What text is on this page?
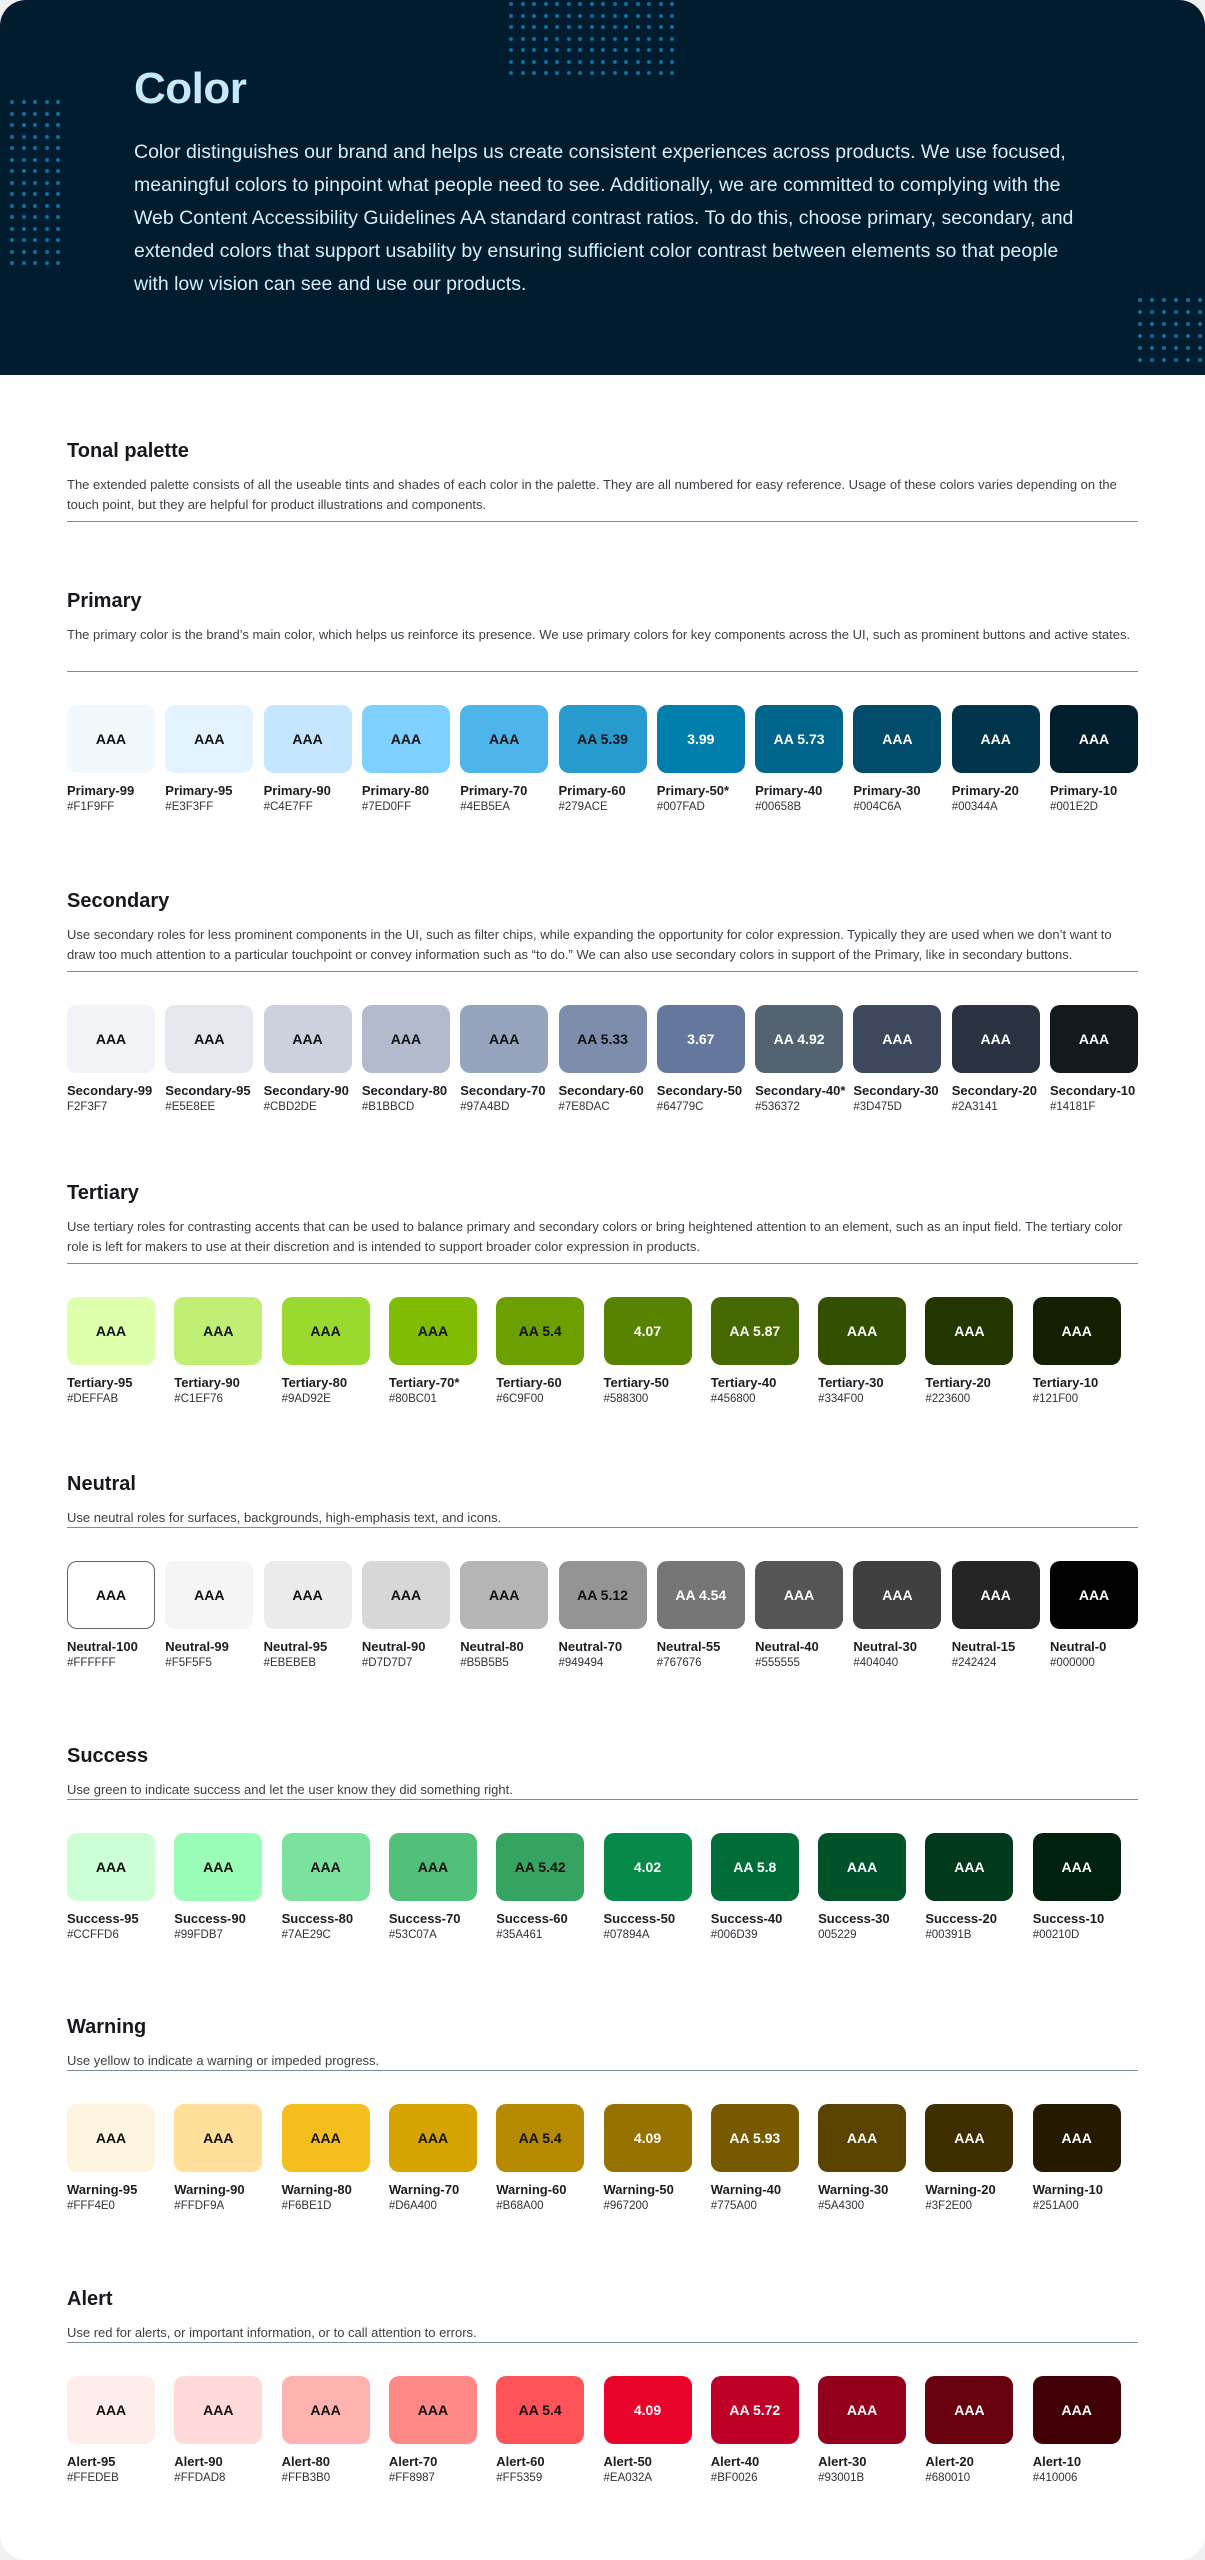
Color

Color distinguishes our brand and helps us create consistent experiences across products. We use focused, meaningful colors to pinpoint what people need to see. Additionally, we are committed to complying with the Web Content Accessibility Guidelines AA standard contrast ratios. To do this, choose primary, secondary, and extended colors that support usability by ensuring sufficient color contrast between elements so that people with low vision can see and use our products.

Tonal palette

The extended palette consists of all the useable tints and shades of each color in the palette. They are all numbered for easy reference. Usage of these colors varies depending on the touch point, but they are helpful for product illustrations and components.

Primary

The primary color is the brand’s main color, which helps us reinforce its presence. We use primary colors for key components across the UI, such as prominent buttons and active states.

AAA
Primary-99
#F1F9FF
AAA
Primary-95
#E3F3FF
AAA
Primary-90
#C4E7FF
AAA
Primary-80
#7ED0FF
AAA
Primary-70
#4EB5EA
AA 5.39
Primary-60
#279ACE
3.99
Primary-50*
#007FAD
AA 5.73
Primary-40
#00658B
AAA
Primary-30
#004C6A
AAA
Primary-20
#00344A
AAA
Primary-10
#001E2D
Secondary

Use secondary roles for less prominent components in the UI, such as filter chips, while expanding the opportunity for color expression. Typically they are used when we don’t want to draw too much attention to a particular touchpoint or convey information such as “to do.” We can also use secondary colors in support of the Primary, like in secondary buttons.

AAA
Secondary-99
F2F3F7
AAA
Secondary-95
#E5E8EE
AAA
Secondary-90
#CBD2DE
AAA
Secondary-80
#B1BBCD
AAA
Secondary-70
#97A4BD
AA 5.33
Secondary-60
#7E8DAC
3.67
Secondary-50
#64779C
AA 4.92
Secondary-40*
#536372
AAA
Secondary-30
#3D475D
AAA
Secondary-20
#2A3141
AAA
Secondary-10
#14181F
Tertiary

Use tertiary roles for contrasting accents that can be used to balance primary and secondary colors or bring heightened attention to an element, such as an input field. The tertiary color role is left for makers to use at their discretion and is intended to support broader color expression in products.

AAA
Tertiary-95
#DEFFAB
AAA
Tertiary-90
#C1EF76
AAA
Tertiary-80
#9AD92E
AAA
Tertiary-70*
#80BC01
AA 5.4
Tertiary-60
#6C9F00
4.07
Tertiary-50
#588300
AA 5.87
Tertiary-40
#456800
AAA
Tertiary-30
#334F00
AAA
Tertiary-20
#223600
AAA
Tertiary-10
#121F00
Neutral

Use neutral roles for surfaces, backgrounds, high-emphasis text, and icons.

AAA
Neutral-100
#FFFFFF
AAA
Neutral-99
#F5F5F5
AAA
Neutral-95
#EBEBEB
AAA
Neutral-90
#D7D7D7
AAA
Neutral-80
#B5B5B5
AA 5.12
Neutral-70
#949494
AA 4.54
Neutral-55
#767676
AAA
Neutral-40
#555555
AAA
Neutral-30
#404040
AAA
Neutral-15
#242424
AAA
Neutral-0
#000000
Success

Use green to indicate success and let the user know they did something right.

AAA
Success-95
#CCFFD6
AAA
Success-90
#99FDB7
AAA
Success-80
#7AE29C
AAA
Success-70
#53C07A
AA 5.42
Success-60
#35A461
4.02
Success-50
#07894A
AA 5.8
Success-40
#006D39
AAA
Success-30
005229
AAA
Success-20
#00391B
AAA
Success-10
#00210D
Warning

Use yellow to indicate a warning or impeded progress.

AAA
Warning-95
#FFF4E0
AAA
Warning-90
#FFDF9A
AAA
Warning-80
#F6BE1D
AAA
Warning-70
#D6A400
AA 5.4
Warning-60
#B68A00
4.09
Warning-50
#967200
AA 5.93
Warning-40
#775A00
AAA
Warning-30
#5A4300
AAA
Warning-20
#3F2E00
AAA
Warning-10
#251A00
Alert

Use red for alerts, or important information, or to call attention to errors.

AAA
Alert-95
#FFEDEB
AAA
Alert-90
#FFDAD8
AAA
Alert-80
#FFB3B0
AAA
Alert-70
#FF8987
AA 5.4
Alert-60
#FF5359
4.09
Alert-50
#EA032A
AA 5.72
Alert-40
#BF0026
AAA
Alert-30
#93001B
AAA
Alert-20
#680010
AAA
Alert-10
#410006
